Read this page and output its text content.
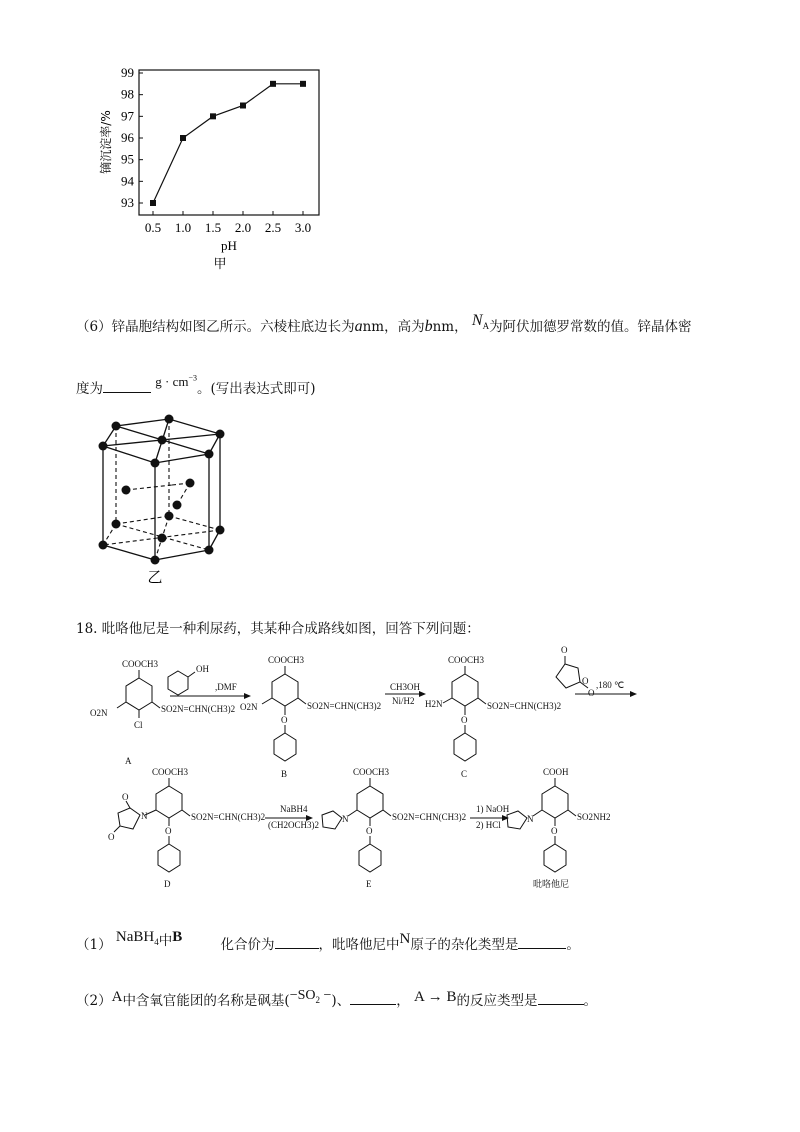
93
94
95
96
97
98
99
0.5 1.0 1.5 2.0 2.5 3.0
镝沉淀率/%
pH
甲
（6）锌晶胞结构如图乙所示。六棱柱底边长为anm，高为bnm， $N_A$为阿伏加德罗常数的值。锌晶体密
度为	$g \cdot cm^{-3}$。(写出表达式即可)
乙
18. 吡咯他尼是一种利尿药，其某种合成路线如图，回答下列问题：
COOCH3
O2N	SO2N=CHN(CH3)2
Cl
A
OH
,DMF
COOCH3
O2N	SO2N=CHN(CH3)2
O
B
CH3OH
Ni/H2
COOCH3
H2N	SO2N=CHN(CH3)2
O
C
O
O
O
,180 ℃
COOCH3
SO2N=CHN(CH3)2
N
O
O
O
D
NaBH4
(CH2OCH3)2
COOCH3
SO2N=CHN(CH3)2
N
O
E
1) NaOH
2) HCl
COOH
SO2NH2
N
O
吡咯他尼
（1） NaBH$_4$中B	化合价为	，吡咯他尼中N原子的杂化类型是	。
（2）A中含氧官能团的名称是砜基($-SO_2$ −)、	， A → B的反应类型是	。
